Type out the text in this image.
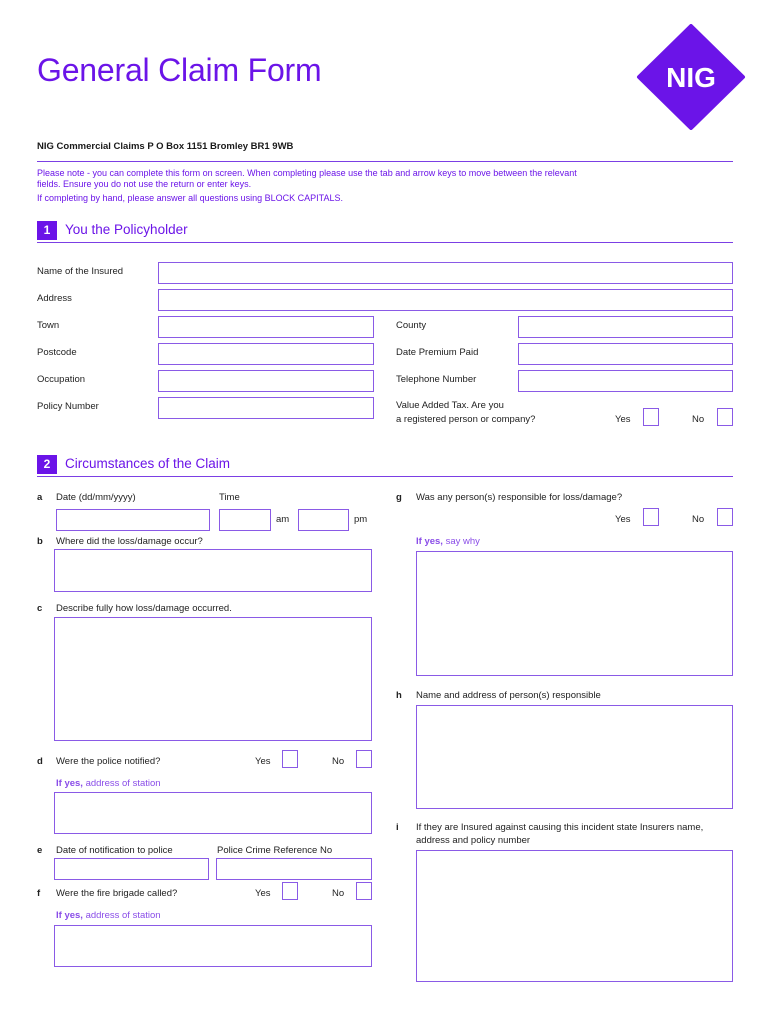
General Claim Form	NIG
NIG Commercial Claims P O Box 1151 Bromley BR1 9WB
Please note - you can complete this form on screen. When completing please use the tab and arrow keys to move between the relevant
fields. Ensure you do not use the return or enter keys.
If completing by hand, please answer all questions using BLOCK CAPITALS.
1	You the Policyholder
Name of the Insured
Address
Town	County
Postcode	Date Premium Paid
Occupation	Telephone Number
Policy Number	Value Added Tax. Are you
a registered person or company?	Yes	No
2	Circumstances of the Claim
a Date (dd/mm/yyyy)	Time
am	pm
b Where did the loss/damage occur?
c Describe fully how loss/damage occurred.
d Were the police notified?	Yes	No
If yes, address of station
e Date of notification to police	Police Crime Reference No
f Were the fire brigade called?	Yes	No
If yes, address of station
g Was any person(s) responsible for loss/damage?
Yes	No
If yes, say why
h Name and address of person(s) responsible
i If they are Insured against causing this incident state Insurers name,
address and policy number
